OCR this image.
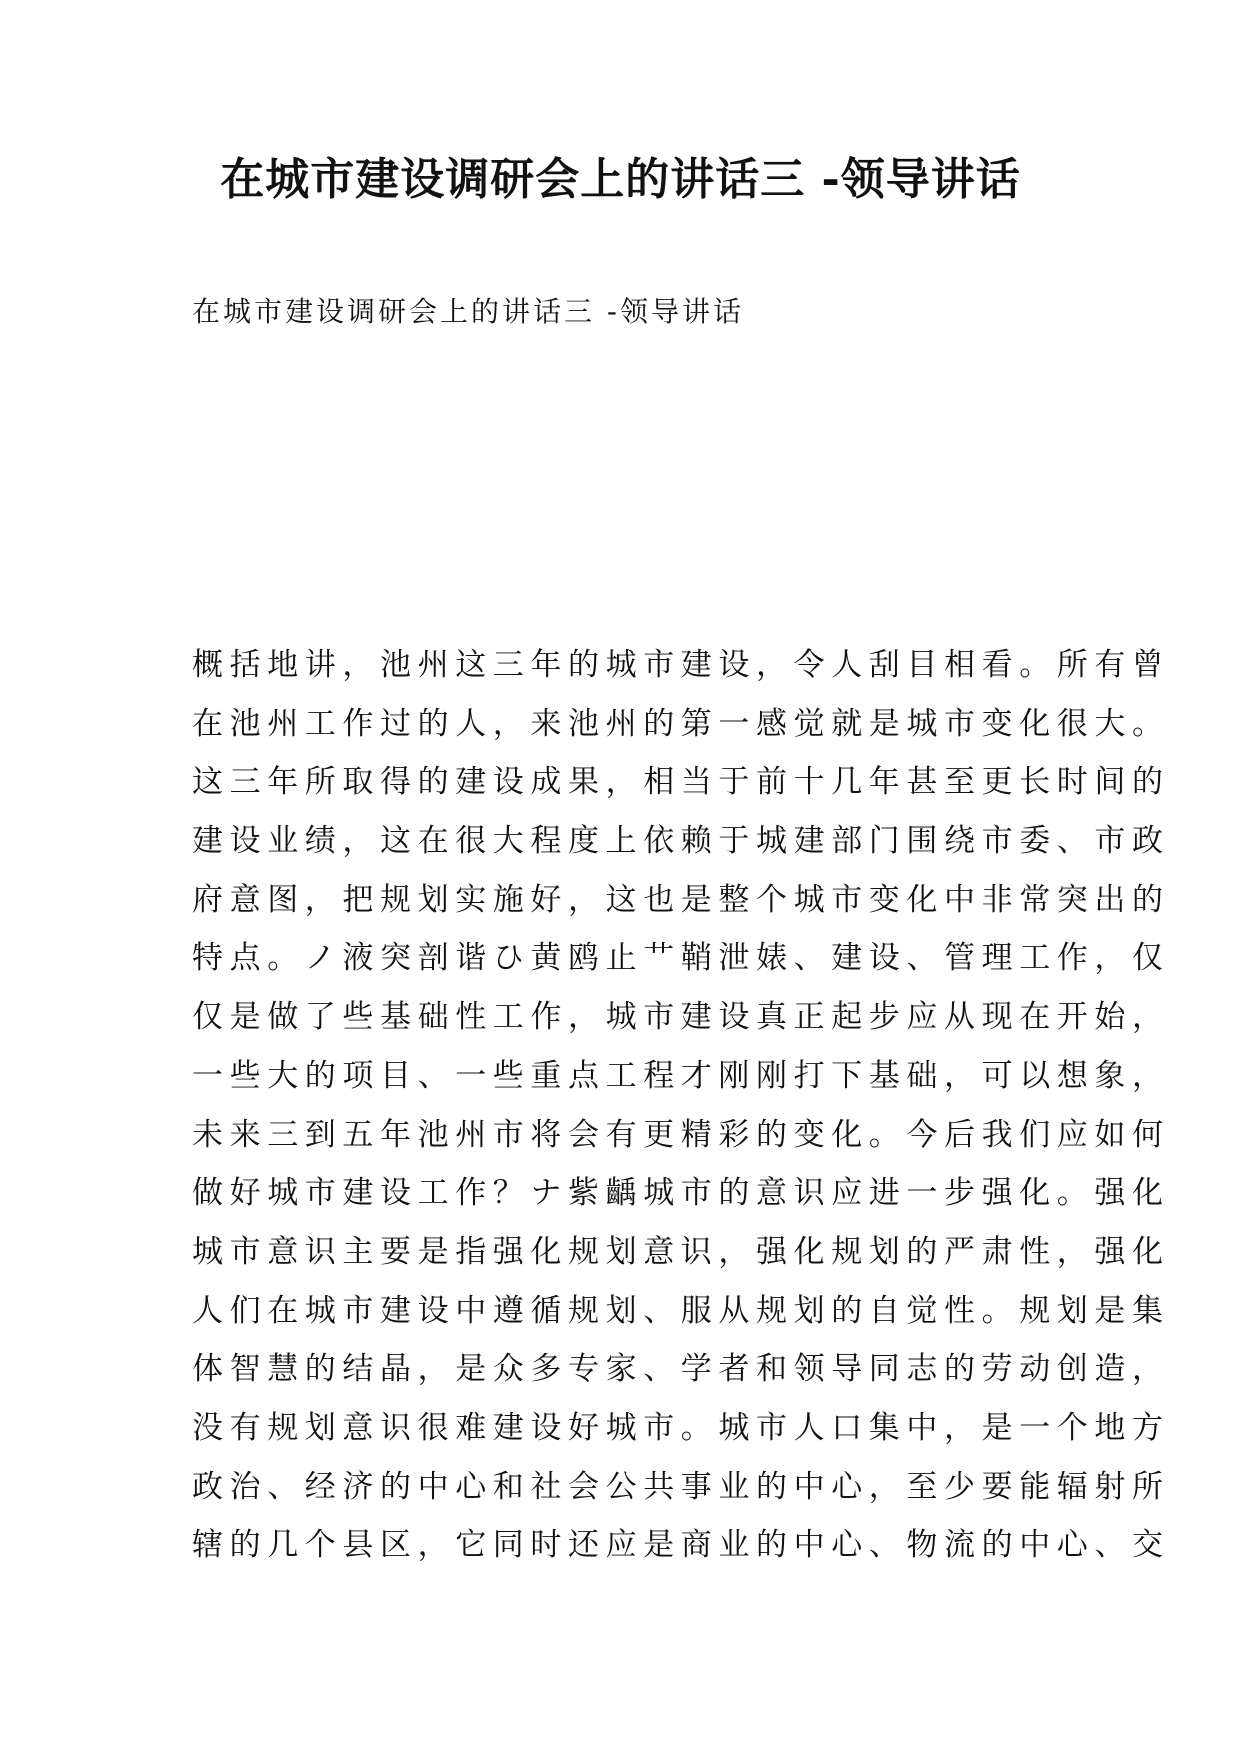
在城市建设调研会上的讲话三 -领导讲话

在城市建设调研会上的讲话三 -领导讲话

概括地讲，池州这三年的城市建设，令人刮目相看。所有曾
在池州工作过的人，来池州的第一感觉就是城市变化很大。
这三年所取得的建设成果，相当于前十几年甚至更长时间的
建设业绩，这在很大程度上依赖于城建部门围绕市委、市政
府意图，把规划实施好，这也是整个城市变化中非常突出的
特点。ノ液突剖谐ひ黄鸥止艹鞘泄婊、建设、管理工作，仅
仅是做了些基础性工作，城市建设真正起步应从现在开始，
一些大的项目、一些重点工程才刚刚打下基础，可以想象，
未来三到五年池州市将会有更精彩的变化。今后我们应如何
做好城市建设工作？ナ紫齲城市的意识应进一步强化。强化
城市意识主要是指强化规划意识，强化规划的严肃性，强化
人们在城市建设中遵循规划、服从规划的自觉性。规划是集
体智慧的结晶，是众多专家、学者和领导同志的劳动创造，
没有规划意识很难建设好城市。城市人口集中，是一个地方
政治、经济的中心和社会公共事业的中心，至少要能辐射所
辖的几个县区，它同时还应是商业的中心、物流的中心、交
